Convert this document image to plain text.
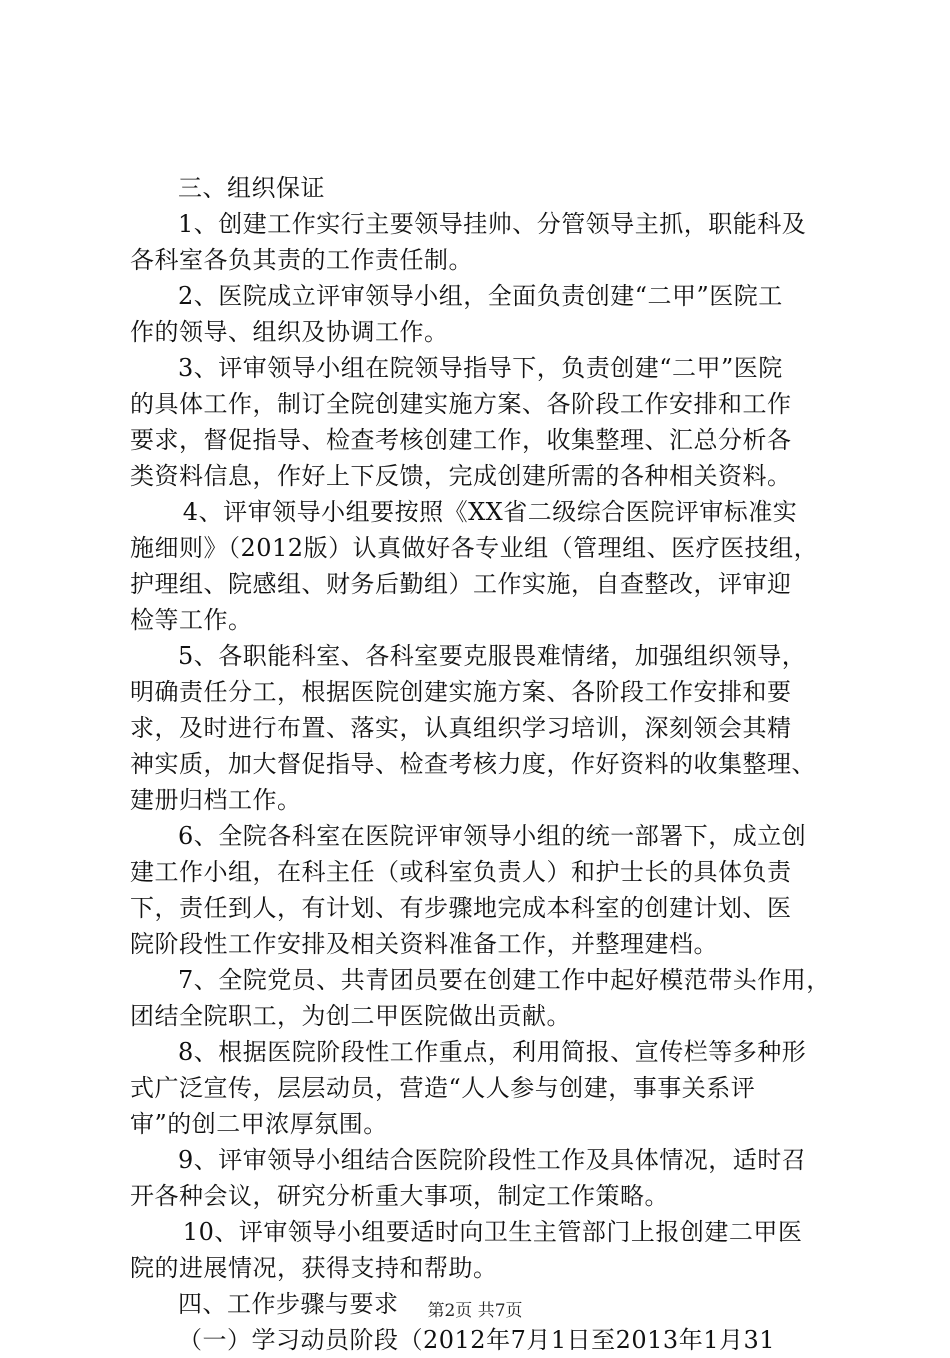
三、组织保证
1、创建工作实行主要领导挂帅、分管领导主抓，职能科及
各科室各负其责的工作责任制。
2、医院成立评审领导小组，全面负责创建“二甲”医院工
作的领导、组织及协调工作。
3、评审领导小组在院领导指导下，负责创建“二甲”医院
的具体工作，制订全院创建实施方案、各阶段工作安排和工作
要求，督促指导、检查考核创建工作，收集整理、汇总分析各
类资料信息，作好上下反馈，完成创建所需的各种相关资料。
4、评审领导小组要按照《XX省二级综合医院评审标准实
施细则》（2012版）认真做好各专业组（管理组、医疗医技组，
护理组、院感组、财务后勤组）工作实施，自查整改，评审迎
检等工作。
5、各职能科室、各科室要克服畏难情绪，加强组织领导，
明确责任分工，根据医院创建实施方案、各阶段工作安排和要
求，及时进行布置、落实，认真组织学习培训，深刻领会其精
神实质，加大督促指导、检查考核力度，作好资料的收集整理、
建册归档工作。
6、全院各科室在医院评审领导小组的统一部署下，成立创
建工作小组，在科主任（或科室负责人）和护士长的具体负责
下，责任到人，有计划、有步骤地完成本科室的创建计划、医
院阶段性工作安排及相关资料准备工作，并整理建档。
7、全院党员、共青团员要在创建工作中起好模范带头作用，
团结全院职工，为创二甲医院做出贡献。
8、根据医院阶段性工作重点，利用简报、宣传栏等多种形
式广泛宣传，层层动员，营造“人人参与创建，事事关系评
审”的创二甲浓厚氛围。
9、评审领导小组结合医院阶段性工作及具体情况，适时召
开各种会议，研究分析重大事项，制定工作策略。
10、评审领导小组要适时向卫生主管部门上报创建二甲医
院的进展情况，获得支持和帮助。
四、工作步骤与要求
（一）学习动员阶段（2012年7月1日至2013年1月31
第2页 共7页
